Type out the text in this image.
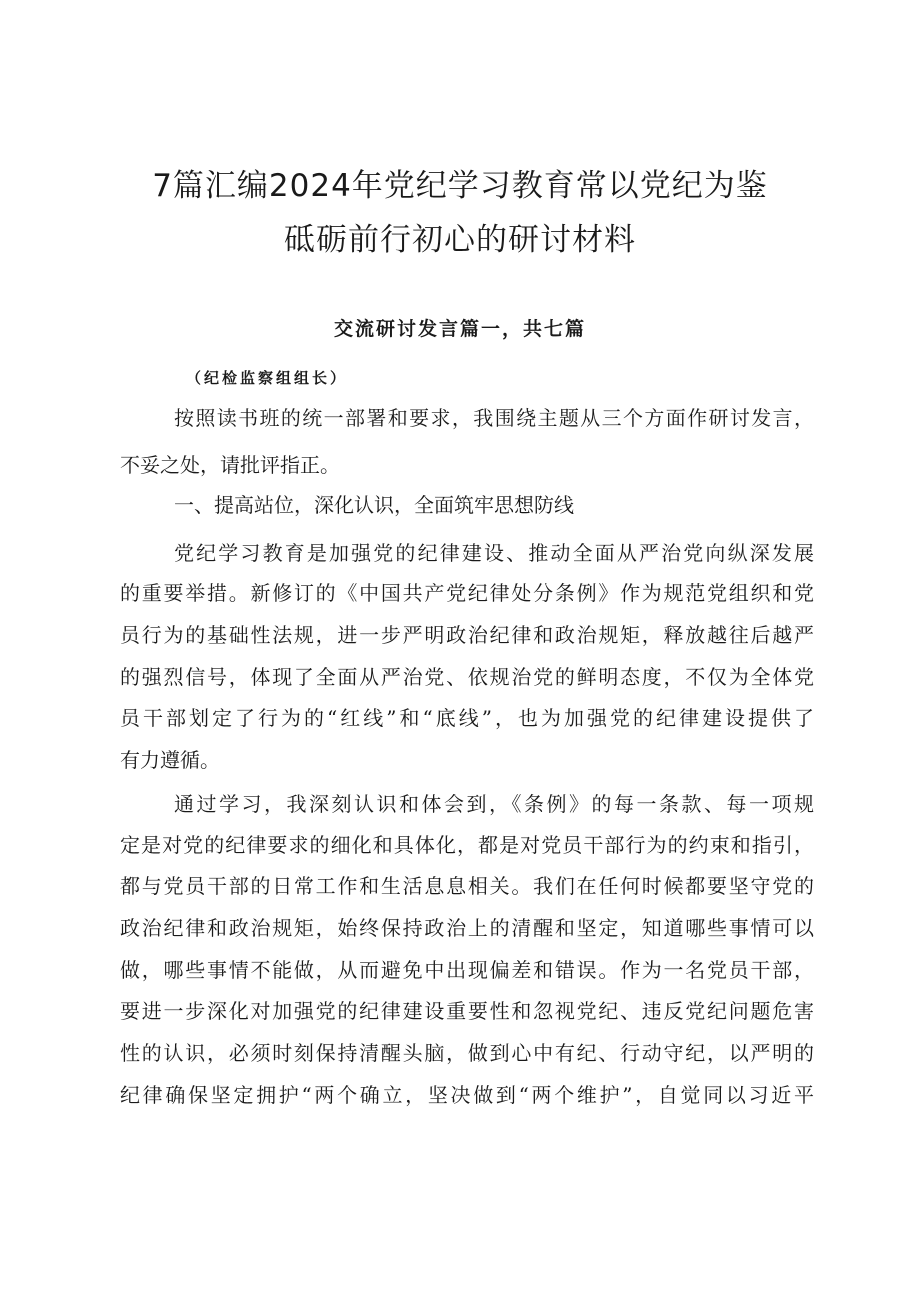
7篇汇编2024年党纪学习教育常以党纪为鉴
砥砺前行初心的研讨材料
交流研讨发言篇一，共七篇
（纪检监察组组长）
按照读书班的统一部署和要求，我围绕主题从三个方面作研讨发言，
不妥之处，请批评指正。
一、提高站位，深化认识，全面筑牢思想防线
党纪学习教育是加强党的纪律建设、推动全面从严治党向纵深发展
的重要举措。新修订的《中国共产党纪律处分条例》作为规范党组织和党
员行为的基础性法规，进一步严明政治纪律和政治规矩，释放越往后越严
的强烈信号，体现了全面从严治党、依规治党的鲜明态度，不仅为全体党
员干部划定了行为的“红线”和“底线”，也为加强党的纪律建设提供了
有力遵循。
通过学习，我深刻认识和体会到，《条例》的每一条款、每一项规
定是对党的纪律要求的细化和具体化，都是对党员干部行为的约束和指引，
都与党员干部的日常工作和生活息息相关。我们在任何时候都要坚守党的
政治纪律和政治规矩，始终保持政治上的清醒和坚定，知道哪些事情可以
做，哪些事情不能做，从而避免中出现偏差和错误。作为一名党员干部，
要进一步深化对加强党的纪律建设重要性和忽视党纪、违反党纪问题危害
性的认识，必须时刻保持清醒头脑，做到心中有纪、行动守纪，以严明的
纪律确保坚定拥护“两个确立，坚决做到“两个维护”，自觉同以习近平
